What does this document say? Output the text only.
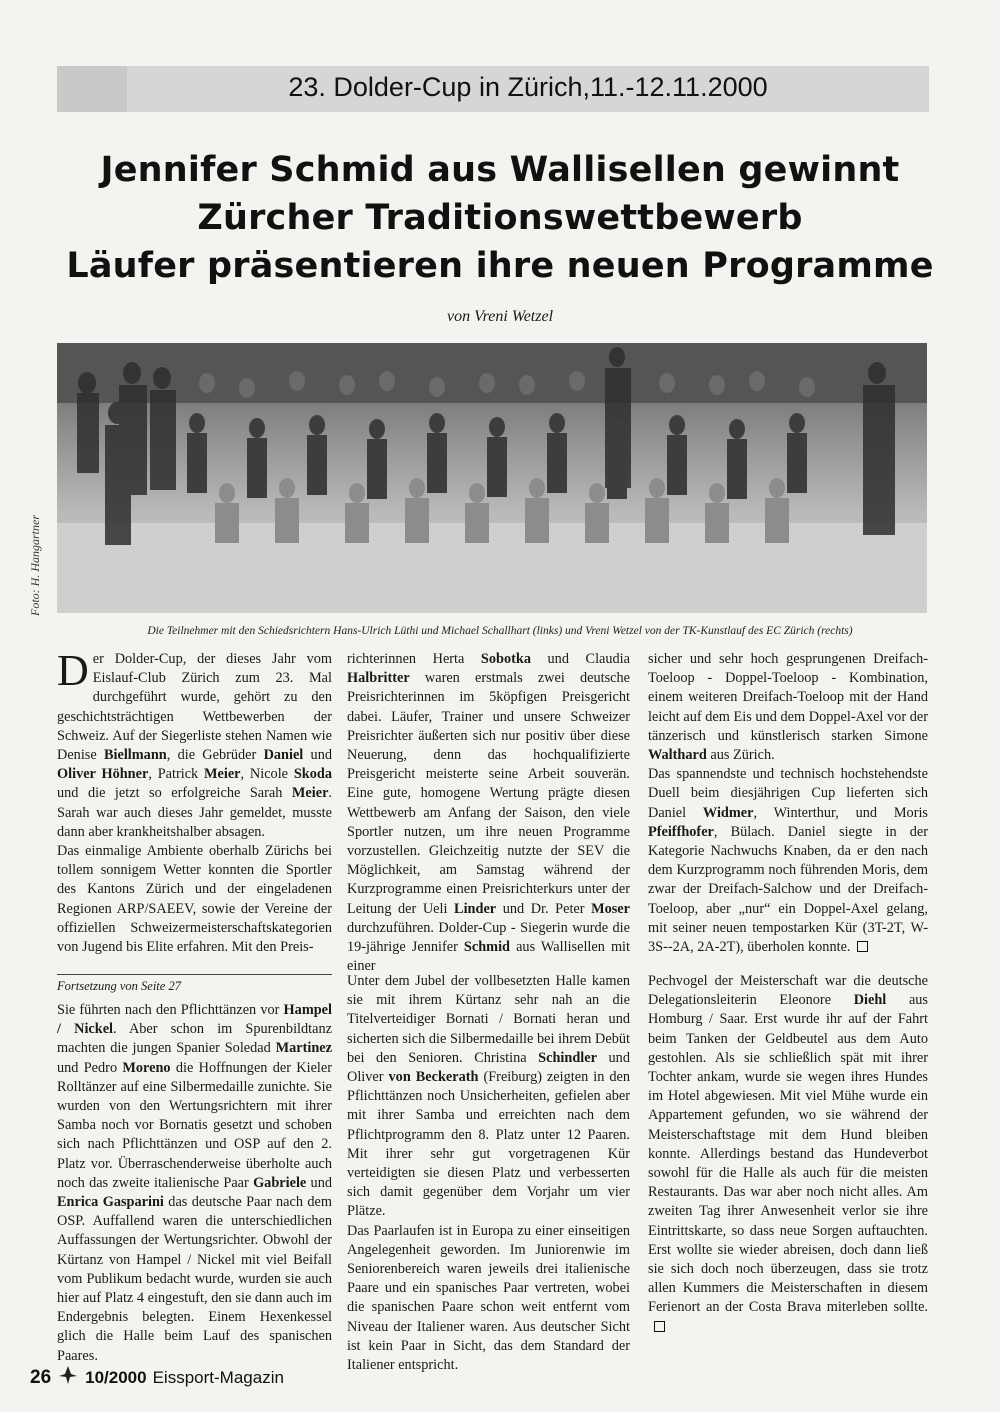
23. Dolder-Cup in Zürich,11.-12.11.2000
Jennifer Schmid aus Wallisellen gewinnt
Zürcher Traditionswettbewerb
Läufer präsentieren ihre neuen Programme
von Vreni Wetzel
Foto: H. Hangartner
Die Teilnehmer mit den Schiedsrichtern Hans-Ulrich Lüthi und Michael Schallhart (links) und Vreni Wetzel von der TK-Kunstlauf des EC Zürich (rechts)

Der Dolder-Cup, der dieses Jahr vom Eislauf-Club Zürich zum 23. Mal durchgeführt wurde, gehört zu den geschichtsträchtigen Wettbewerben der Schweiz. Auf der Siegerliste stehen Namen wie Denise Biellmann, die Gebrüder Daniel und Oliver Höhner, Patrick Meier, Nicole Skoda und die jetzt so erfolgreiche Sarah Meier. Sarah war auch dieses Jahr gemeldet, musste dann aber krankheitshalber absagen.

Das einmalige Ambiente oberhalb Zürichs bei tollem sonnigem Wetter konnten die Sportler des Kantons Zürich und der eingeladenen Regionen ARP/SAEEV, sowie der Vereine der offiziellen Schweizermeisterschaftskategorien von Jugend bis Elite erfahren. Mit den Preis-

richterinnen Herta Sobotka und Claudia Halbritter waren erstmals zwei deutsche Preisrichterinnen im 5köpfigen Preisgericht dabei. Läufer, Trainer und unsere Schweizer Preisrichter äußerten sich nur positiv über diese Neuerung, denn das hochqualifizierte Preisgericht meisterte seine Arbeit souverän. Eine gute, homogene Wertung prägte diesen Wettbewerb am Anfang der Saison, den viele Sportler nutzen, um ihre neuen Programme vorzustellen. Gleichzeitig nutzte der SEV die Möglichkeit, am Samstag während der Kurzprogramme einen Preisrichterkurs unter der Leitung der Ueli Linder und Dr. Peter Moser durchzuführen. Dolder-Cup - Siegerin wurde die 19-jährige Jennifer Schmid aus Wallisellen mit einer

sicher und sehr hoch gesprungenen Dreifach-Toeloop - Doppel-Toeloop - Kombination, einem weiteren Dreifach-Toeloop mit der Hand leicht auf dem Eis und dem Doppel-Axel vor der tänzerisch und künstlerisch starken Simone Walthard aus Zürich.

Das spannendste und technisch hochstehendste Duell beim diesjährigen Cup lieferten sich Daniel Widmer, Winterthur, und Moris Pfeiffhofer, Bülach. Daniel siegte in der Kategorie Nachwuchs Knaben, da er den nach dem Kurzprogramm noch führenden Moris, dem zwar der Dreifach-Salchow und der Dreifach-Toeloop, aber „nur“ ein Doppel-Axel gelang, mit seiner neuen tempostarken Kür (3T-2T, W-3S--2A, 2A-2T), überholen konnte.

Fortsetzung von Seite 27

Sie führten nach den Pflichttänzen vor Hampel / Nickel. Aber schon im Spurenbildtanz machten die jungen Spanier Soledad Martinez und Pedro Moreno die Hoffnungen der Kieler Rolltänzer auf eine Silbermedaille zunichte. Sie wurden von den Wertungsrichtern mit ihrer Samba noch vor Bornatis gesetzt und schoben sich nach Pflichttänzen und OSP auf den 2. Platz vor. Überraschenderweise überholte auch noch das zweite italienische Paar Gabriele und Enrica Gasparini das deutsche Paar nach dem OSP. Auffallend waren die unterschiedlichen Auffassungen der Wertungsrichter. Obwohl der Kürtanz von Hampel / Nickel mit viel Beifall vom Publikum bedacht wurde, wurden sie auch hier auf Platz 4 eingestuft, den sie dann auch im Endergebnis belegten. Einem Hexenkessel glich die Halle beim Lauf des spanischen Paares.

Unter dem Jubel der vollbesetzten Halle kamen sie mit ihrem Kürtanz sehr nah an die Titelverteidiger Bornati / Bornati heran und sicherten sich die Silbermedaille bei ihrem Debüt bei den Senioren. Christina Schindler und Oliver von Beckerath (Freiburg) zeigten in den Pflichttänzen noch Unsicherheiten, gefielen aber mit ihrer Samba und erreichten nach dem Pflichtprogramm den 8. Platz unter 12 Paaren. Mit ihrer sehr gut vorgetragenen Kür verteidigten sie diesen Platz und verbesserten sich damit gegenüber dem Vorjahr um vier Plätze.

Das Paarlaufen ist in Europa zu einer einseitigen Angelegenheit geworden. Im Juniorenwie im Seniorenbereich waren jeweils drei italienische Paare und ein spanisches Paar vertreten, wobei die spanischen Paare schon weit entfernt vom Niveau der Italiener waren. Aus deutscher Sicht ist kein Paar in Sicht, das dem Standard der Italiener entspricht.

Pechvogel der Meisterschaft war die deutsche Delegationsleiterin Eleonore Diehl aus Homburg / Saar. Erst wurde ihr auf der Fahrt beim Tanken der Geldbeutel aus dem Auto gestohlen. Als sie schließlich spät mit ihrer Tochter ankam, wurde sie wegen ihres Hundes im Hotel abgewiesen. Mit viel Mühe wurde ein Appartement gefunden, wo sie während der Meisterschaftstage mit dem Hund bleiben konnte. Allerdings bestand das Hundeverbot sowohl für die Halle als auch für die meisten Restaurants. Das war aber noch nicht alles. Am zweiten Tag ihrer Anwesenheit verlor sie ihre Eintrittskarte, so dass neue Sorgen auftauchten. Erst wollte sie wieder abreisen, doch dann ließ sie sich doch noch überzeugen, dass sie trotz allen Kummers die Meisterschaften in diesem Ferienort an der Costa Brava miterleben sollte.

26 10/2000 Eissport-Magazin
